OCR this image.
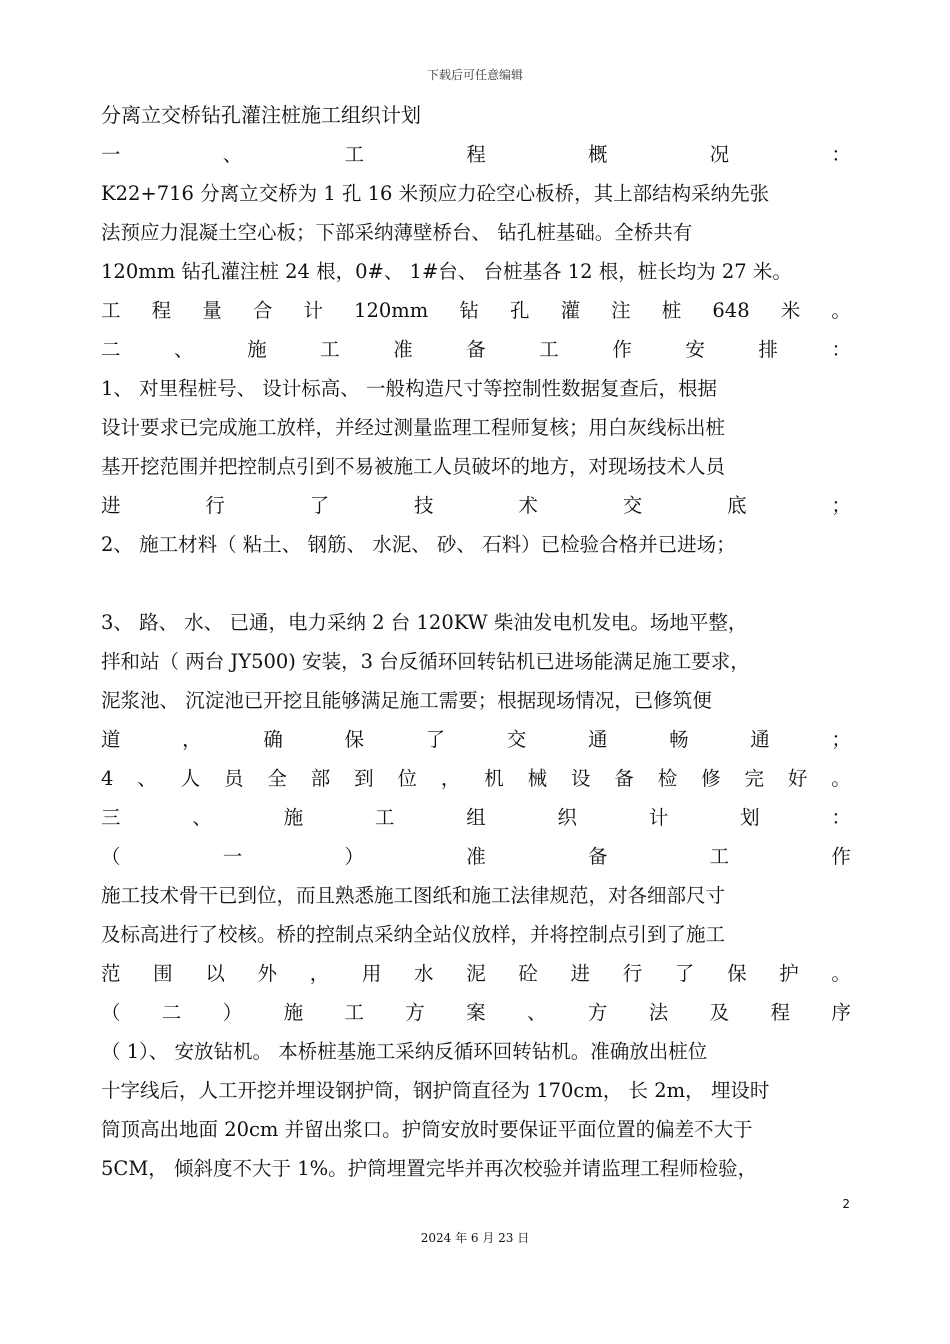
下载后可任意编辑
分离立交桥钻孔灌注桩施工组织计划
一	、	工	程	概	况	：
K22+716 分离立交桥为 1 孔 16 米预应力砼空心板桥，其上部结构采纳先张
法预应力混凝土空心板；下部采纳薄壁桥台、 钻孔桩基础。全桥共有
120mm 钻孔灌注桩 24 根，0#、 1#台、 台桩基各 12 根，桩长均为 27 米。
工 程 量 合 计 120mm 钻 孔 灌 注 桩 648 米 。
二	、	施	工	准	备	工	作	安	排	：
1、 对里程桩号、 设计标高、 一般构造尺寸等控制性数据复查后，根据
设计要求已完成施工放样，并经过测量监理工程师复核；用白灰线标出桩
基开挖范围并把控制点引到不易被施工人员破坏的地方，对现场技术人员
进	行	了	技	术	交	底	；
2、 施工材料（ 粘土、 钢筋、 水泥、 砂、 石料）已检验合格并已进场；
3、 路、 水、 已通，电力采纳 2 台 120KW 柴油发电机发电。场地平整，
拌和站（ 两台 JY500) 安装，3 台反循环回转钻机已进场能满足施工要求，
泥浆池、 沉淀池已开挖且能够满足施工需要；根据现场情况，已修筑便
道	，	确	保	了	交	通	畅	通	；
4 、 人 员 全 部 到 位 ， 机 械 设 备 检 修 完 好 。
三	、	施	工	组	织	计	划	：
（	一	）	准	备	工	作
施工技术骨干已到位，而且熟悉施工图纸和施工法律规范，对各细部尺寸
及标高进行了校核。桥的控制点采纳全站仪放样，并将控制点引到了施工
范 围 以 外 ， 用 水 泥 砼 进 行 了 保 护 。
（ 二 ） 施 工 方 案 、 方 法 及 程 序
（ 1）、 安放钻机。 本桥桩基施工采纳反循环回转钻机。准确放出桩位
十字线后，人工开挖并埋设钢护筒，钢护筒直径为 170cm， 长 2m， 埋设时
筒顶高出地面 20cm 并留出浆口。护筒安放时要保证平面位置的偏差不大于
5CM， 倾斜度不大于 1%。护筒埋置完毕并再次校验并请监理工程师检验，
2
2024 年 6 月 23 日
